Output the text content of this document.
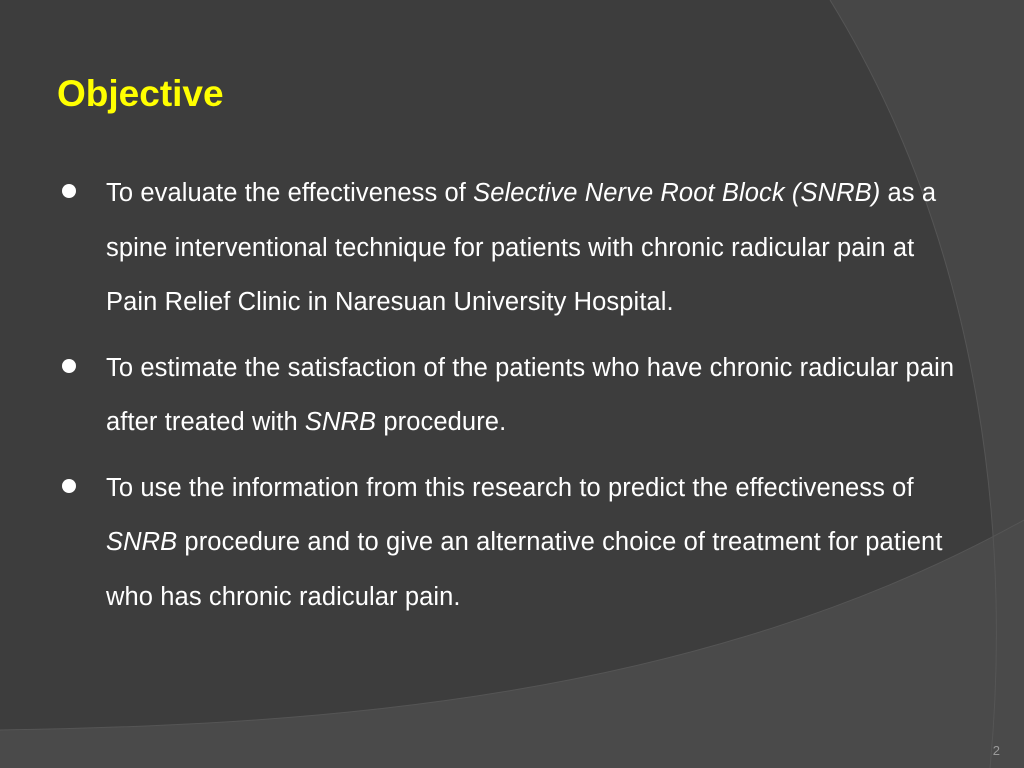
Objective
To evaluate the effectiveness of Selective Nerve Root Block (SNRB) as a spine interventional technique for patients with chronic radicular pain at Pain Relief Clinic in Naresuan University Hospital.
To estimate the satisfaction of the patients who have chronic radicular pain after treated with SNRB procedure.
To use the information from this research to predict the effectiveness of SNRB procedure and to give an alternative choice of treatment for patient who has chronic radicular pain.
2
